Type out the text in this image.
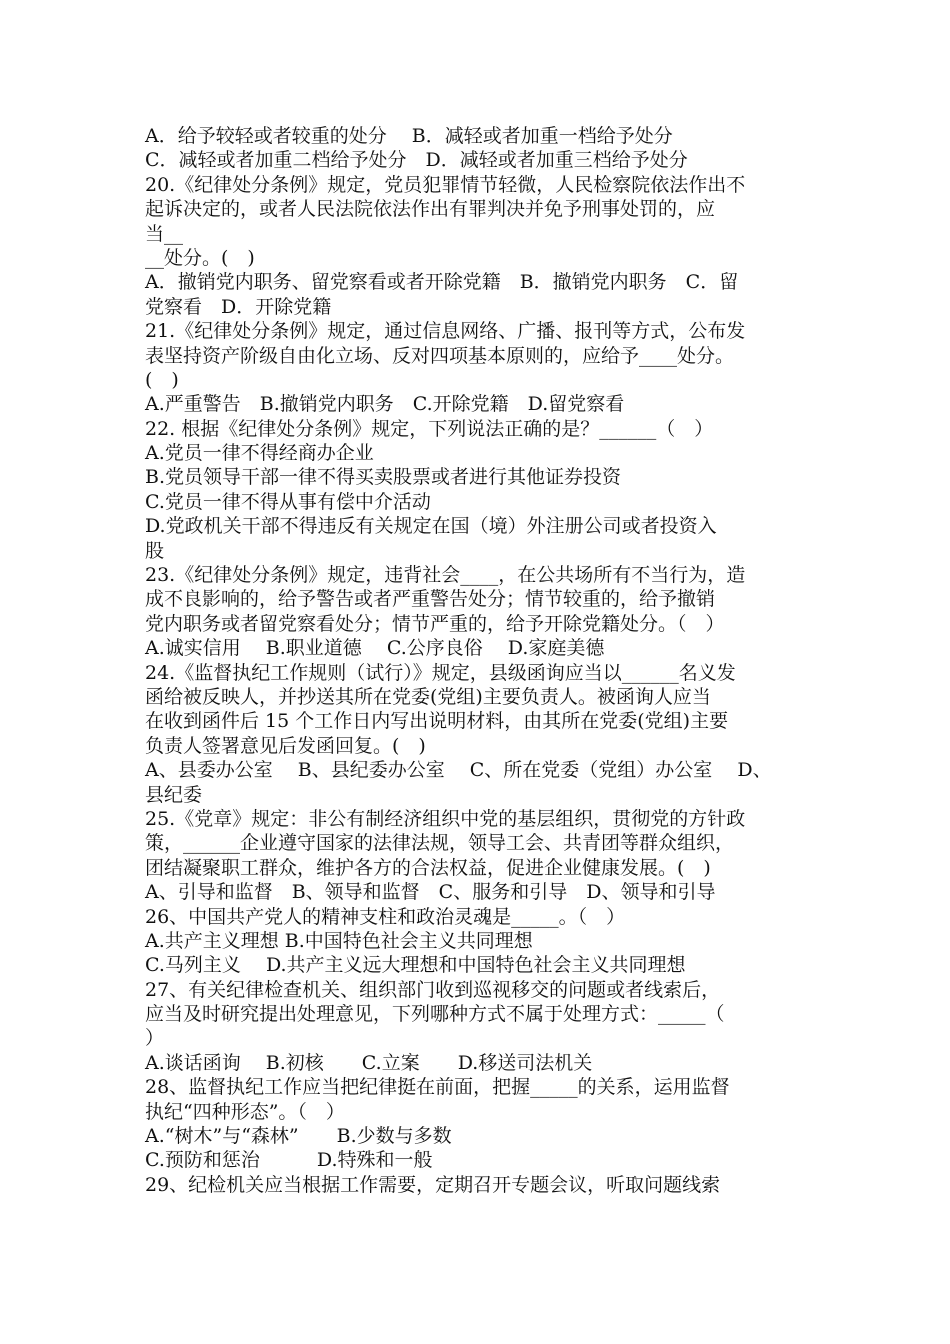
A．给予较轻或者较重的处分　 B．减轻或者加重一档给予处分
C．减轻或者加重二档给予处分　D．减轻或者加重三档给予处分
20.《纪律处分条例》规定，党员犯罪情节轻微，人民检察院依法作出不
起诉决定的，或者人民法院依法作出有罪判决并免予刑事处罚的，应
当__
__处分。(　)
A．撤销党内职务、留党察看或者开除党籍　B．撤销党内职务　C．留
党察看　D．开除党籍
21.《纪律处分条例》规定，通过信息网络、广播、报刊等方式，公布发
表坚持资产阶级自由化立场、反对四项基本原则的，应给予____处分。
(　)
A.严重警告　B.撤销党内职务　C.开除党籍　D.留党察看
22. 根据《纪律处分条例》规定，下列说法正确的是？______（　）
A.党员一律不得经商办企业
B.党员领导干部一律不得买卖股票或者进行其他证券投资
C.党员一律不得从事有偿中介活动
D.党政机关干部不得违反有关规定在国（境）外注册公司或者投资入
股
23.《纪律处分条例》规定，违背社会____，在公共场所有不当行为，造
成不良影响的，给予警告或者严重警告处分；情节较重的，给予撤销
党内职务或者留党察看处分；情节严重的，给予开除党籍处分。（　）
A.诚实信用　 B.职业道德　 C.公序良俗　 D.家庭美德
24.《监督执纪工作规则（试行）》规定，县级函询应当以______名义发
函给被反映人，并抄送其所在党委(党组)主要负责人。被函询人应当
在收到函件后 15 个工作日内写出说明材料，由其所在党委(党组)主要
负责人签署意见后发函回复。(　)
A、县委办公室　 B、县纪委办公室　 C、所在党委（党组）办公室　 D、
县纪委
25.《党章》规定：非公有制经济组织中党的基层组织，贯彻党的方针政
策，______企业遵守国家的法律法规，领导工会、共青团等群众组织，
团结凝聚职工群众，维护各方的合法权益，促进企业健康发展。(　)
A、引导和监督　B、领导和监督　C、服务和引导　D、领导和引导
26、中国共产党人的精神支柱和政治灵魂是_____。（　）
A.共产主义理想 B.中国特色社会主义共同理想
C.马列主义　 D.共产主义远大理想和中国特色社会主义共同理想
27、有关纪律检查机关、组织部门收到巡视移交的问题或者线索后，
应当及时研究提出处理意见，下列哪种方式不属于处理方式：_____（
）
A.谈话函询　 B.初核　　C.立案　　D.移送司法机关
28、监督执纪工作应当把纪律挺在前面，把握_____的关系，运用监督
执纪“四种形态”。（　）
A.“树木”与“森林”　　B.少数与多数
C.预防和惩治　　　D.特殊和一般
29、纪检机关应当根据工作需要，定期召开专题会议，听取问题线索
